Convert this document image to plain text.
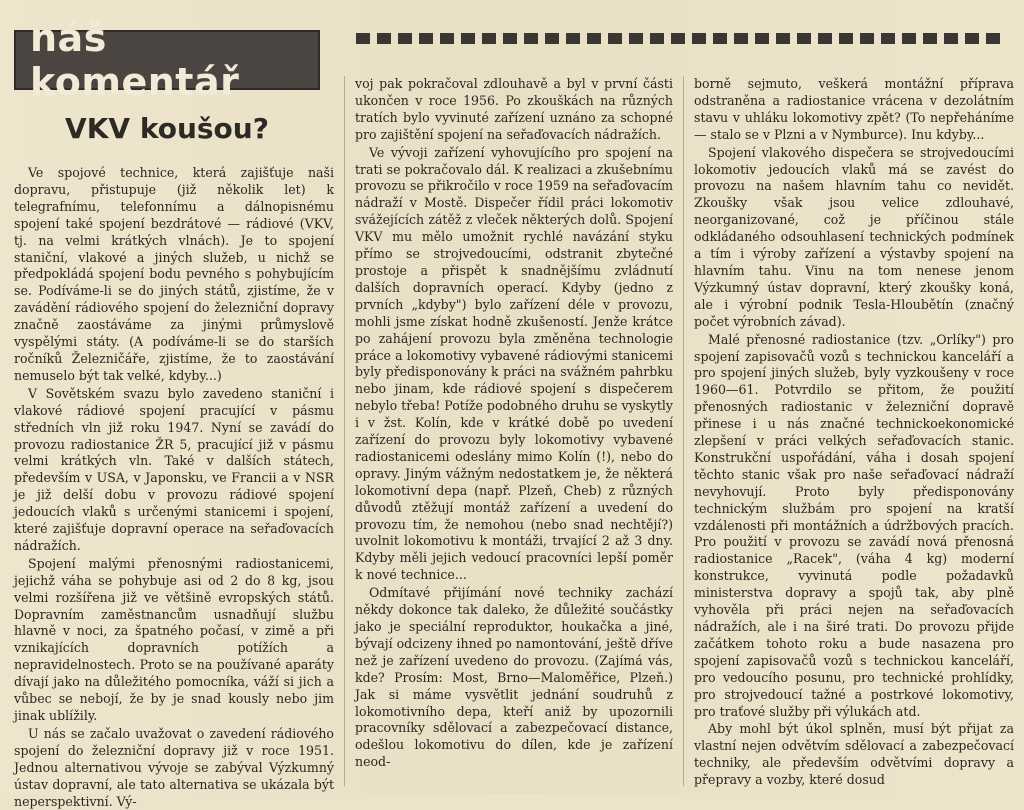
náš komentář
VKV koušou?

Ve spojové technice, která zajišťuje naši dopravu, přistupuje (již několik let) k telegrafnímu, telefonnímu a dálnopisnému spojení také spojení bezdrátové — rádiové (VKV, tj. na velmi krátkých vlnách). Je to spojení staniční, vlakové a jiných služeb, u nichž se předpokládá spojení bodu pevného s pohybujícím se. Podíváme-li se do jiných států, zjistíme, že v zavádění rádiového spojení do železniční dopravy značně zaostáváme za jinými průmyslově vyspělými státy. (A podíváme-li se do starších ročníků Železničáře, zjistíme, že to zaostávání nemuselo být tak velké, kdyby...)

V Sovětském svazu bylo zavedeno staniční i vlakové rádiové spojení pracující v pásmu středních vln již roku 1947. Nyní se zavádí do provozu radiostanice ŽR 5, pracující již v pásmu velmi krátkých vln. Také v dalších státech, především v USA, v Japonsku, ve Francii a v NSR je již delší dobu v provozu rádiové spojení jedoucích vlaků s určenými stanicemi i spojení, které zajišťuje dopravní operace na seřaďovacích nádražích.

Spojení malými přenosnými radiostanicemi, jejichž váha se pohybuje asi od 2 do 8 kg, jsou velmi rozšířena již ve většině evropských států. Dopravním zaměstnancům usnadňují službu hlavně v noci, za špatného počasí, v zimě a při vznikajících dopravních potížích a nepravidelnostech. Proto se na používané aparáty dívají jako na důležitého pomocníka, váží si jich a vůbec se nebojí, že by je snad kously nebo jim jinak ublížily.

U nás se začalo uvažovat o zavedení rádiového spojení do železniční dopravy již v roce 1951. Jednou alternativou vývoje se zabýval Výzkumný ústav dopravní, ale tato alternativa se ukázala být neperspektivní. Vý-

voj pak pokračoval zdlouhavě a byl v první části ukončen v roce 1956. Po zkouškách na různých tratích bylo vyvinuté zařízení uznáno za schopné pro zajištění spojení na seřaďovacích nádražích.

Ve vývoji zařízení vyhovujícího pro spojení na trati se pokračovalo dál. K realizaci a zkušebnímu provozu se přikročilo v roce 1959 na seřaďovacím nádraží v Mostě. Dispečer řídil práci lokomotiv svážejících zátěž z vleček některých dolů. Spojení VKV mu mělo umožnit rychlé navázání styku přímo se strojvedoucími, odstranit zbytečné prostoje a přispět k snadnějšímu zvládnutí dalších dopravních operací. Kdyby (jedno z prvních „kdyby") bylo zařízení déle v provozu, mohli jsme získat hodně zkušeností. Jenže krátce po zahájení provozu byla změněna technologie práce a lokomotivy vybavené rádiovými stanicemi byly předisponovány k práci na svážném pahrbku nebo jinam, kde rádiové spojení s dispečerem nebylo třeba! Potíže podobného druhu se vyskytly i v žst. Kolín, kde v krátké době po uvedení zařízení do provozu byly lokomotivy vybavené radiostanicemi odeslány mimo Kolín (!), nebo do opravy. Jiným vážným nedostatkem je, že některá lokomotivní depa (např. Plzeň, Cheb) z různých důvodů ztěžují montáž zařízení a uvedení do provozu tím, že nemohou (nebo snad nechtějí?) uvolnit lokomotivu k montáži, trvající 2 až 3 dny. Kdyby měli jejich vedoucí pracovníci lepší poměr k nové technice...

Odmítavé přijímání nové techniky zachází někdy dokonce tak daleko, že důležité součástky jako je speciální reproduktor, houkačka a jiné, bývají odcizeny ihned po namontování, ještě dříve než je zařízení uvedeno do provozu. (Zajímá vás, kde? Prosím: Most, Brno—Maloměřice, Plzeň.) Jak si máme vysvětlit jednání soudruhů z lokomotivního depa, kteří aniž by upozornili pracovníky sdělovací a zabezpečovací distance, odešlou lokomotivu do dílen, kde je zařízení neod-

borně sejmuto, veškerá montážní příprava odstraněna a radiostanice vrácena v dezolátním stavu v uhláku lokomotivy zpět? (To nepřeháníme — stalo se v Plzni a v Nymburce). Inu kdyby...

Spojení vlakového dispečera se strojvedoucími lokomotiv jedoucích vlaků má se zavést do provozu na našem hlavním tahu co nevidět. Zkoušky však jsou velice zdlouhavé, neorganizované, což je příčinou stále odkládaného odsouhlasení technických podmínek a tím i výroby zařízení a výstavby spojení na hlavním tahu. Vinu na tom nenese jenom Výzkumný ústav dopravní, který zkoušky koná, ale i výrobní podnik Tesla-Hloubětín (značný počet výrobních závad).

Malé přenosné radiostanice (tzv. „Orlíky") pro spojení zapisovačů vozů s technickou kanceláří a pro spojení jiných služeb, byly vyzkoušeny v roce 1960—61. Potvrdilo se přitom, že použití přenosných radiostanic v železniční dopravě přinese i u nás značné technickoekonomické zlepšení v práci velkých seřaďovacích stanic. Konstrukční uspořádání, váha i dosah spojení těchto stanic však pro naše seřaďovací nádraží nevyhovují. Proto byly předisponovány technickým službám pro spojení na kratší vzdálenosti při montážních a údržbových pracích. Pro použití v provozu se zavádí nová přenosná radiostanice „Racek", (váha 4 kg) moderní konstrukce, vyvinutá podle požadavků ministerstva dopravy a spojů tak, aby plně vyhověla při práci nejen na seřaďovacích nádražích, ale i na širé trati. Do provozu přijde začátkem tohoto roku a bude nasazena pro spojení zapisovačů vozů s technickou kanceláří, pro vedoucího posunu, pro technické prohlídky, pro strojvedoucí tažné a postrkové lokomotivy, pro traťové služby při výlukách atd.

Aby mohl být úkol splněn, musí být přijat za vlastní nejen odvětvím sdělovací a zabezpečovací techniky, ale především odvětvími dopravy a přepravy a vozby, které dosud
